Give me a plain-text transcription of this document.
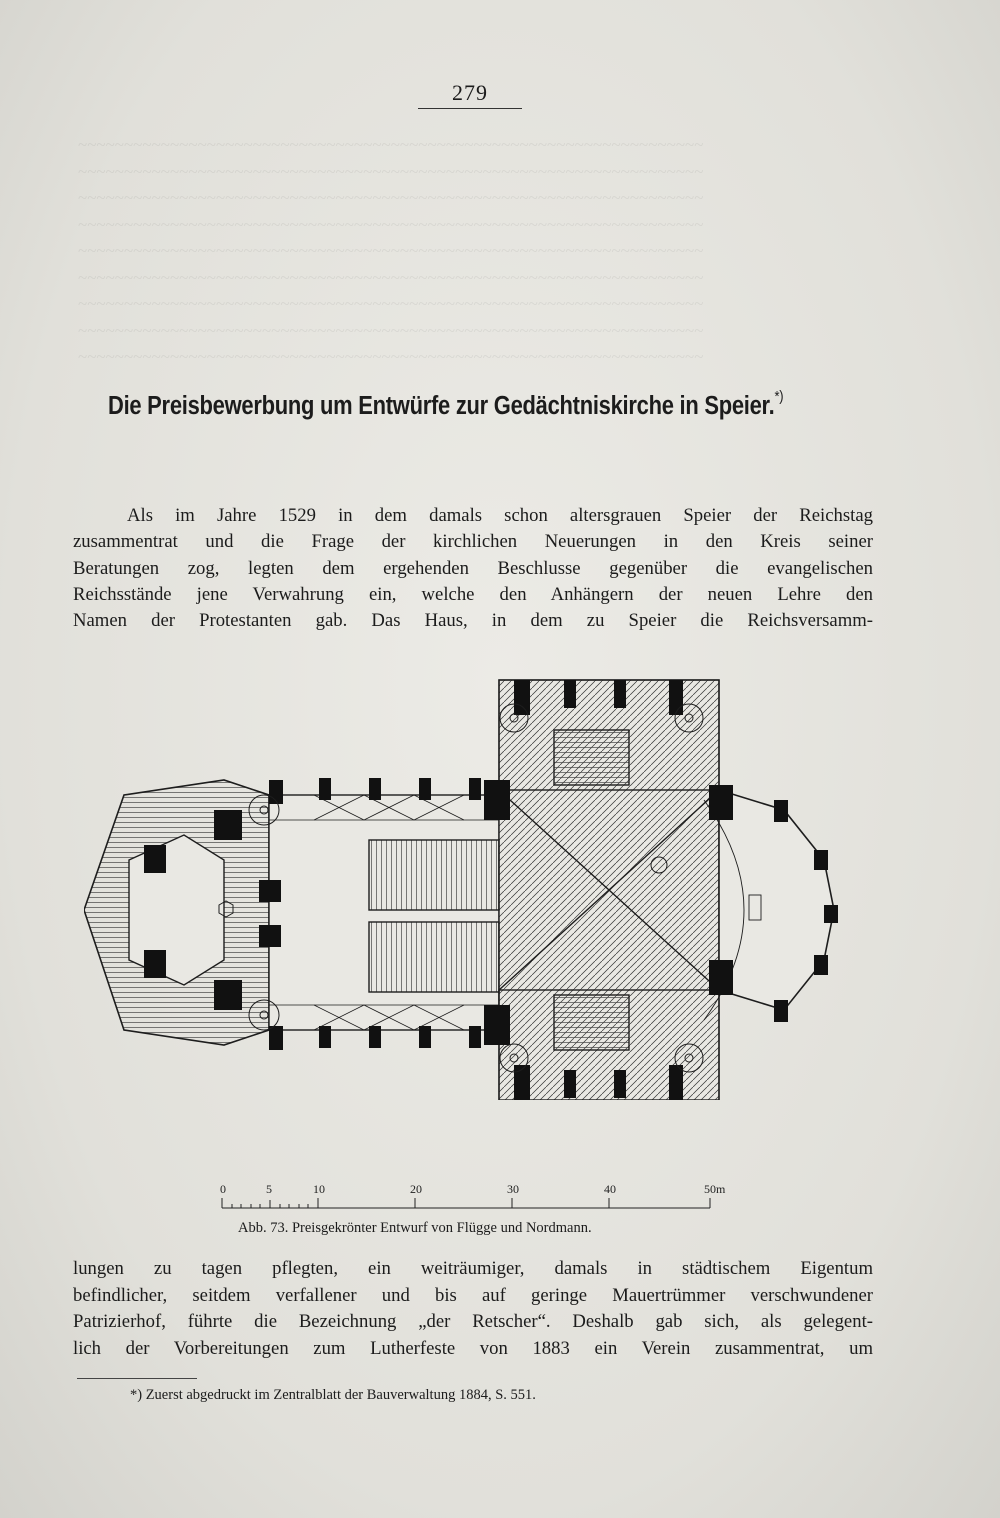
~~~~~~~~~~~~~~~~~~~~~~~~~~~~~~~~~~~~~~~~~~~~~~~~~~~~~~~~~~~~~~~~~~~~
~~~~~~~~~~~~~~~~~~~~~~~~~~~~~~~~~~~~~~~~~~~~~~~~~~~~~~~~~~~~~~~~~~~~
~~~~~~~~~~~~~~~~~~~~~~~~~~~~~~~~~~~~~~~~~~~~~~~~~~~~~~~~~~~~~~~~~~~~
~~~~~~~~~~~~~~~~~~~~~~~~~~~~~~~~~~~~~~~~~~~~~~~~~~~~~~~~~~~~~~~~~~~~
~~~~~~~~~~~~~~~~~~~~~~~~~~~~~~~~~~~~~~~~~~~~~~~~~~~~~~~~~~~~~~~~~~~~
~~~~~~~~~~~~~~~~~~~~~~~~~~~~~~~~~~~~~~~~~~~~~~~~~~~~~~~~~~~~~~~~~~~~
~~~~~~~~~~~~~~~~~~~~~~~~~~~~~~~~~~~~~~~~~~~~~~~~~~~~~~~~~~~~~~~~~~~~
~~~~~~~~~~~~~~~~~~~~~~~~~~~~~~~~~~~~~~~~~~~~~~~~~~~~~~~~~~~~~~~~~~~~
~~~~~~~~~~~~~~~~~~~~~~~~~~~~~~~~~~~~~~~~~~~~~~~~~~~~~~~~~~~~~~~~~~~~
279
Die Preisbewerbung um Entwürfe zur Gedächtniskirche in Speier.*)

Als im Jahre 1529 in dem damals schon altersgrauen Speier der Reichstag

zusammentrat und die Frage der kirchlichen Neuerungen in den Kreis seiner

Beratungen zog, legten dem ergehenden Beschlusse gegenüber die evangelischen

Reichsstände jene Verwahrung ein, welche den Anhängern der neuen Lehre den

Namen der Protestanten gab. Das Haus, in dem zu Speier die Reichsversamm-

0	5	10	20	30	40	50m
Abb. 73. Preisgekrönter Entwurf von Flügge und Nordmann.

lungen zu tagen pflegten, ein weiträumiger, damals in städtischem Eigentum

befindlicher, seitdem verfallener und bis auf geringe Mauertrümmer verschwundener

Patrizierhof, führte die Bezeichnung „der Retscher“. Deshalb gab sich, als gelegent-

lich der Vorbereitungen zum Lutherfeste von 1883 ein Verein zusammentrat, um

*) Zuerst abgedruckt im Zentralblatt der Bauverwaltung 1884, S. 551.
